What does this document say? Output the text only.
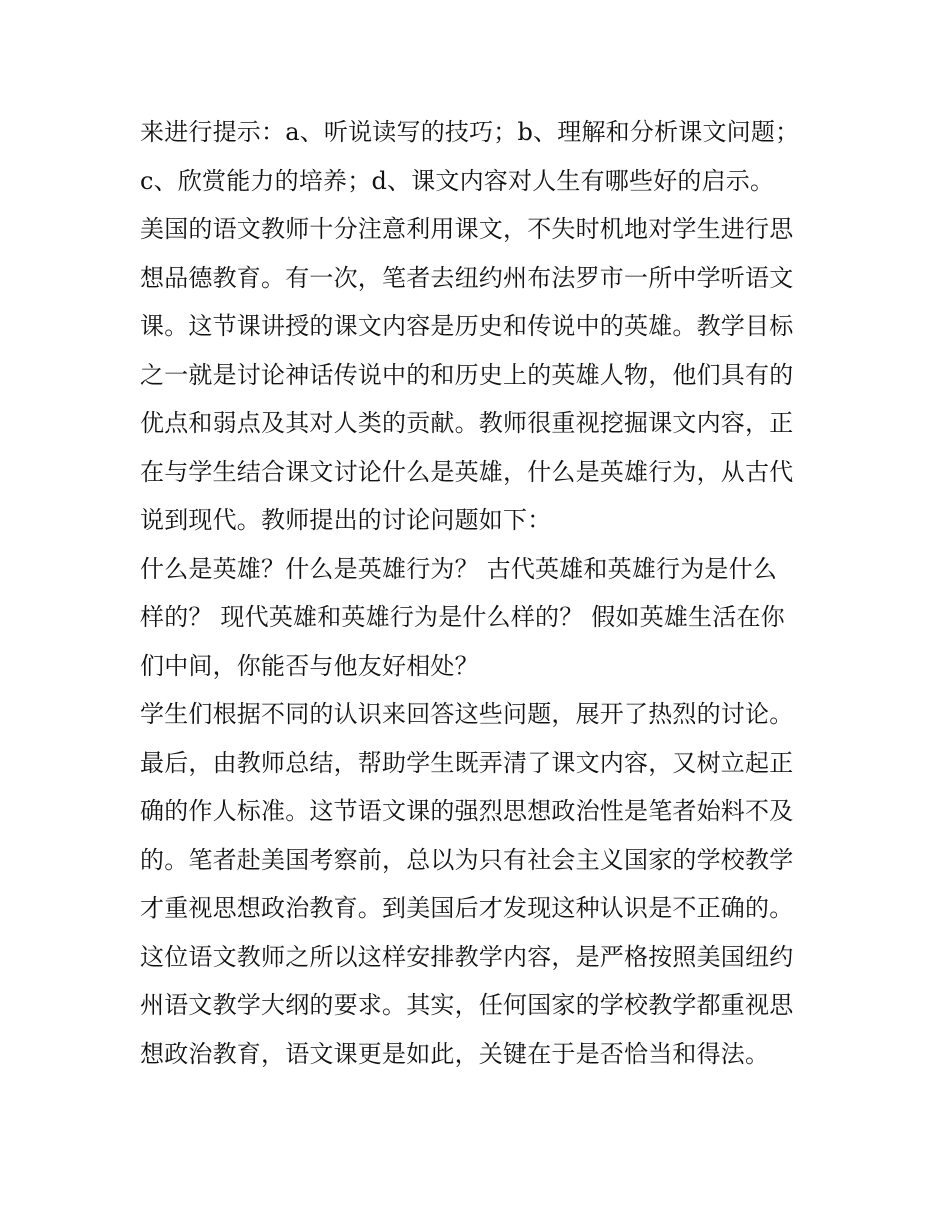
来进行提示：a、听说读写的技巧；b、理解和分析课文问题；
c、欣赏能力的培养；d、课文内容对人生有哪些好的启示。
美国的语文教师十分注意利用课文，不失时机地对学生进行思
想品德教育。有一次，笔者去纽约州布法罗市一所中学听语文
课。这节课讲授的课文内容是历史和传说中的英雄。教学目标
之一就是讨论神话传说中的和历史上的英雄人物，他们具有的
优点和弱点及其对人类的贡献。教师很重视挖掘课文内容，正
在与学生结合课文讨论什么是英雄，什么是英雄行为，从古代
说到现代。教师提出的讨论问题如下：
什么是英雄？什么是英雄行为？ 古代英雄和英雄行为是什么
样的？ 现代英雄和英雄行为是什么样的？ 假如英雄生活在你
们中间，你能否与他友好相处？
学生们根据不同的认识来回答这些问题，展开了热烈的讨论。
最后，由教师总结，帮助学生既弄清了课文内容，又树立起正
确的作人标准。这节语文课的强烈思想政治性是笔者始料不及
的。笔者赴美国考察前，总以为只有社会主义国家的学校教学
才重视思想政治教育。到美国后才发现这种认识是不正确的。
这位语文教师之所以这样安排教学内容，是严格按照美国纽约
州语文教学大纲的要求。其实，任何国家的学校教学都重视思
想政治教育，语文课更是如此，关键在于是否恰当和得法。
